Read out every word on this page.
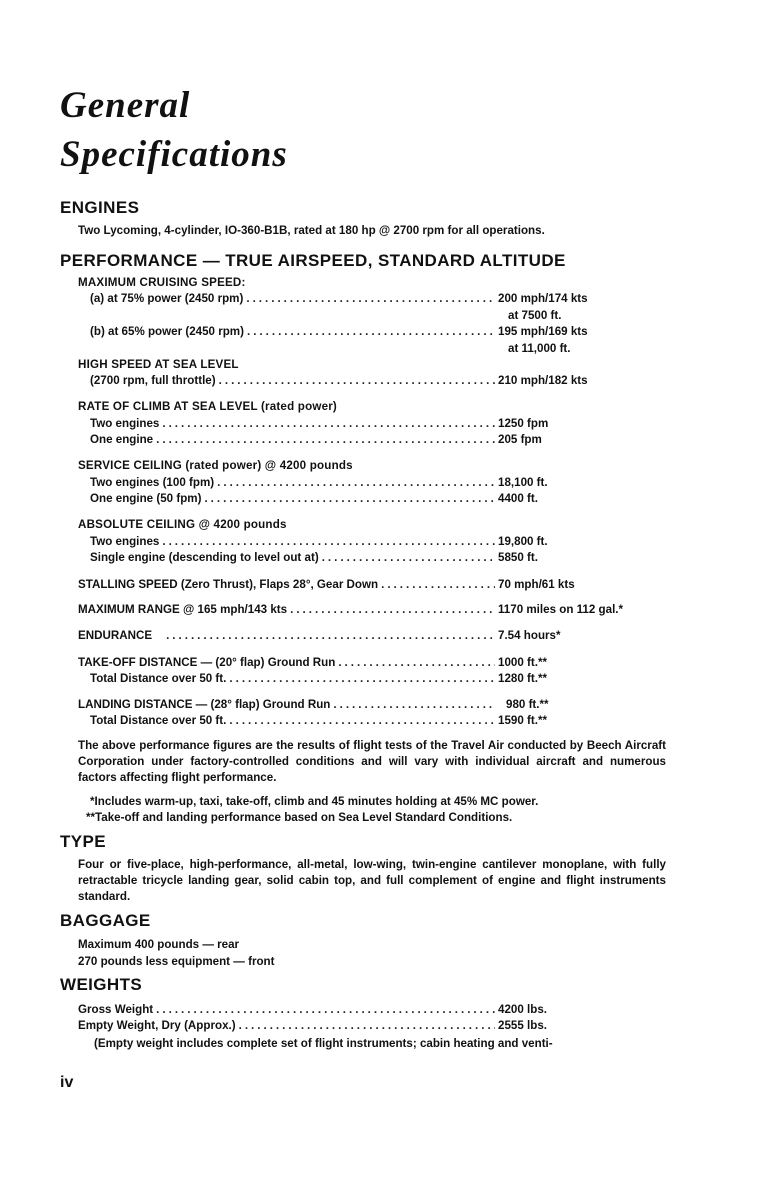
General
Specifications
ENGINES
Two Lycoming, 4-cylinder, IO-360-B1B, rated at 180 hp @ 2700 rpm for all operations.
PERFORMANCE — TRUE AIRSPEED, STANDARD ALTITUDE
MAXIMUM CRUISING SPEED:
(a) at 75% power (2450 rpm) .....	200 mph/174 kts
at 7500 ft.
(b) at 65% power (2450 rpm) .....	195 mph/169 kts
at 11,000 ft.
HIGH SPEED AT SEA LEVEL
(2700 rpm, full throttle) .....	210 mph/182 kts
RATE OF CLIMB AT SEA LEVEL (rated power)
Two engines .....	1250 fpm
One engine .....	205 fpm
SERVICE CEILING (rated power) @ 4200 pounds
Two engines (100 fpm) .....	18,100 ft.
One engine (50 fpm) .....	4400 ft.
ABSOLUTE CEILING @ 4200 pounds
Two engines .....	19,800 ft.
Single engine (descending to level out at) .....	5850 ft.
STALLING SPEED (Zero Thrust), Flaps 28°, Gear Down .....	70 mph/61 kts
MAXIMUM RANGE @ 165 mph/143 kts .....	1170 miles on 112 gal.*
ENDURANCE .....	7.54 hours*
TAKE-OFF DISTANCE — (20° flap) Ground Run .....	1000 ft.**
Total Distance over 50 ft. .....	1280 ft.**
LANDING DISTANCE — (28° flap) Ground Run .....	980 ft.**
Total Distance over 50 ft. .....	1590 ft.**
The above performance figures are the results of flight tests of the Travel Air conducted by Beech Aircraft Corporation under factory-controlled conditions and will vary with individual aircraft and numerous factors affecting flight performance.
*Includes warm-up, taxi, take-off, climb and 45 minutes holding at 45% MC power.
**Take-off and landing performance based on Sea Level Standard Conditions.
TYPE
Four or five-place, high-performance, all-metal, low-wing, twin-engine cantilever monoplane, with fully retractable tricycle landing gear, solid cabin top, and full complement of engine and flight instruments standard.
BAGGAGE
Maximum 400 pounds — rear
270 pounds less equipment — front
WEIGHTS
Gross Weight .....	4200 lbs.
Empty Weight, Dry (Approx.) .....	2555 lbs.
(Empty weight includes complete set of flight instruments; cabin heating and venti-
iv
